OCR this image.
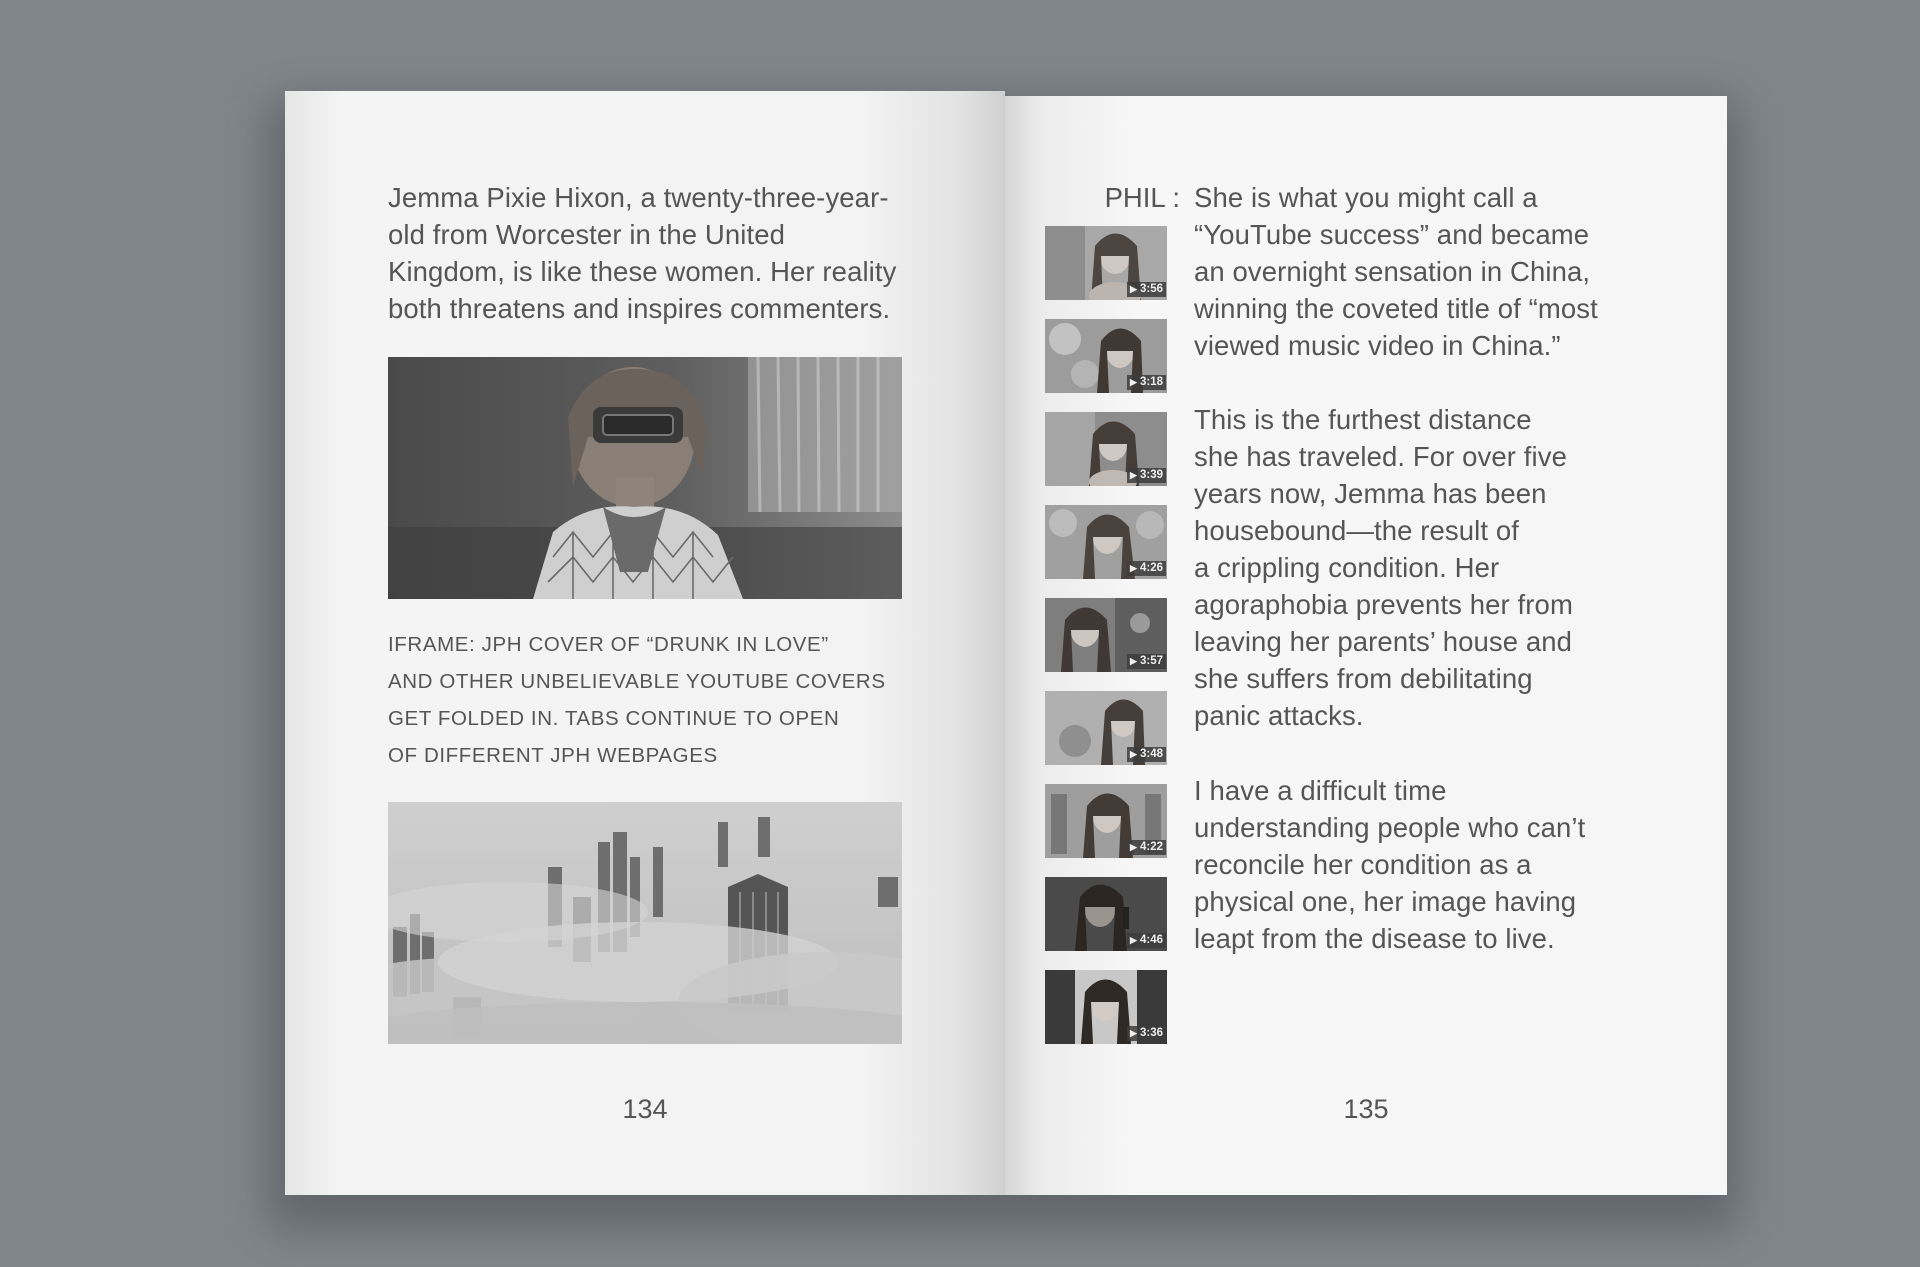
Jemma Pixie Hixon, a twenty-three-year-
old from Worcester in the United
Kingdom, is like these women. Her reality
both threatens and inspires commenters.

IFRAME: JPH COVER OF “DRUNK IN LOVE”
AND OTHER UNBELIEVABLE YOUTUBE COVERS
GET FOLDED IN. TABS CONTINUE TO OPEN
OF DIFFERENT JPH WEBPAGES
134
PHIL : She is what you might call a
“YouTube success” and became
an overnight sensation in China,
winning the coveted title of “most
viewed music video in China.”

This is the furthest distance
she has traveled. For over five
years now, Jemma has been
housebound—the result of
a crippling condition. Her
agoraphobia prevents her from
leaving her parents’ house and
she suffers from debilitating
panic attacks.

I have a difficult time
understanding people who can’t
reconcile her condition as a
physical one, her image having
leapt from the disease to live.

▶ 3:56
▶ 3:18
▶ 3:39
▶ 4:26
▶ 3:57
▶ 3:48
▶ 4:22
▶ 4:46
▶ 3:36
135
